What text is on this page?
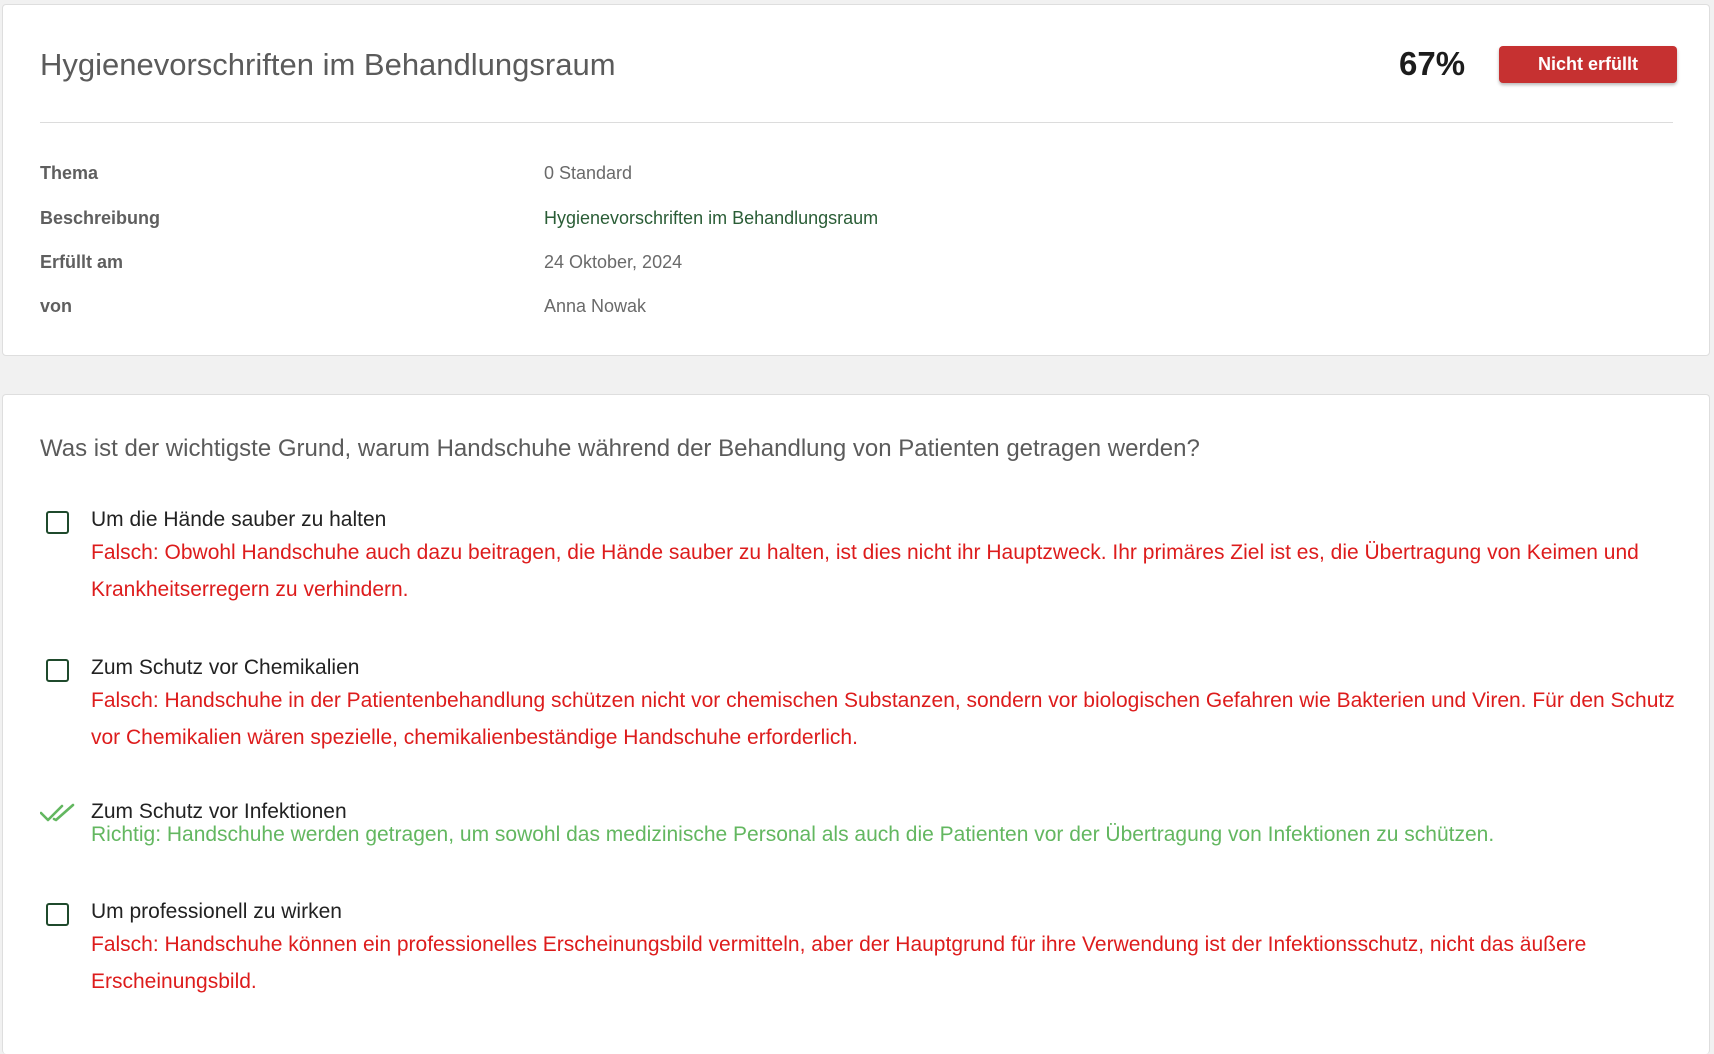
Hygienevorschriften im Behandlungsraum	67%	Nicht erfüllt
Thema	0 Standard
Beschreibung	Hygienevorschriften im Behandlungsraum
Erfüllt am	24 Oktober, 2024
von	Anna Nowak
Was ist der wichtigste Grund, warum Handschuhe während der Behandlung von Patienten getragen werden?
Um die Hände sauber zu halten
Falsch: Obwohl Handschuhe auch dazu beitragen, die Hände sauber zu halten, ist dies nicht ihr Hauptzweck. Ihr primäres Ziel ist es, die Übertragung von Keimen und Krankheitserregern zu verhindern.
Zum Schutz vor Chemikalien
Falsch: Handschuhe in der Patientenbehandlung schützen nicht vor chemischen Substanzen, sondern vor biologischen Gefahren wie Bakterien und Viren. Für den Schutz vor Chemikalien wären spezielle, chemikalienbeständige Handschuhe erforderlich.
Zum Schutz vor Infektionen
Richtig: Handschuhe werden getragen, um sowohl das medizinische Personal als auch die Patienten vor der Übertragung von Infektionen zu schützen.
Um professionell zu wirken
Falsch: Handschuhe können ein professionelles Erscheinungsbild vermitteln, aber der Hauptgrund für ihre Verwendung ist der Infektionsschutz, nicht das äußere Erscheinungsbild.
